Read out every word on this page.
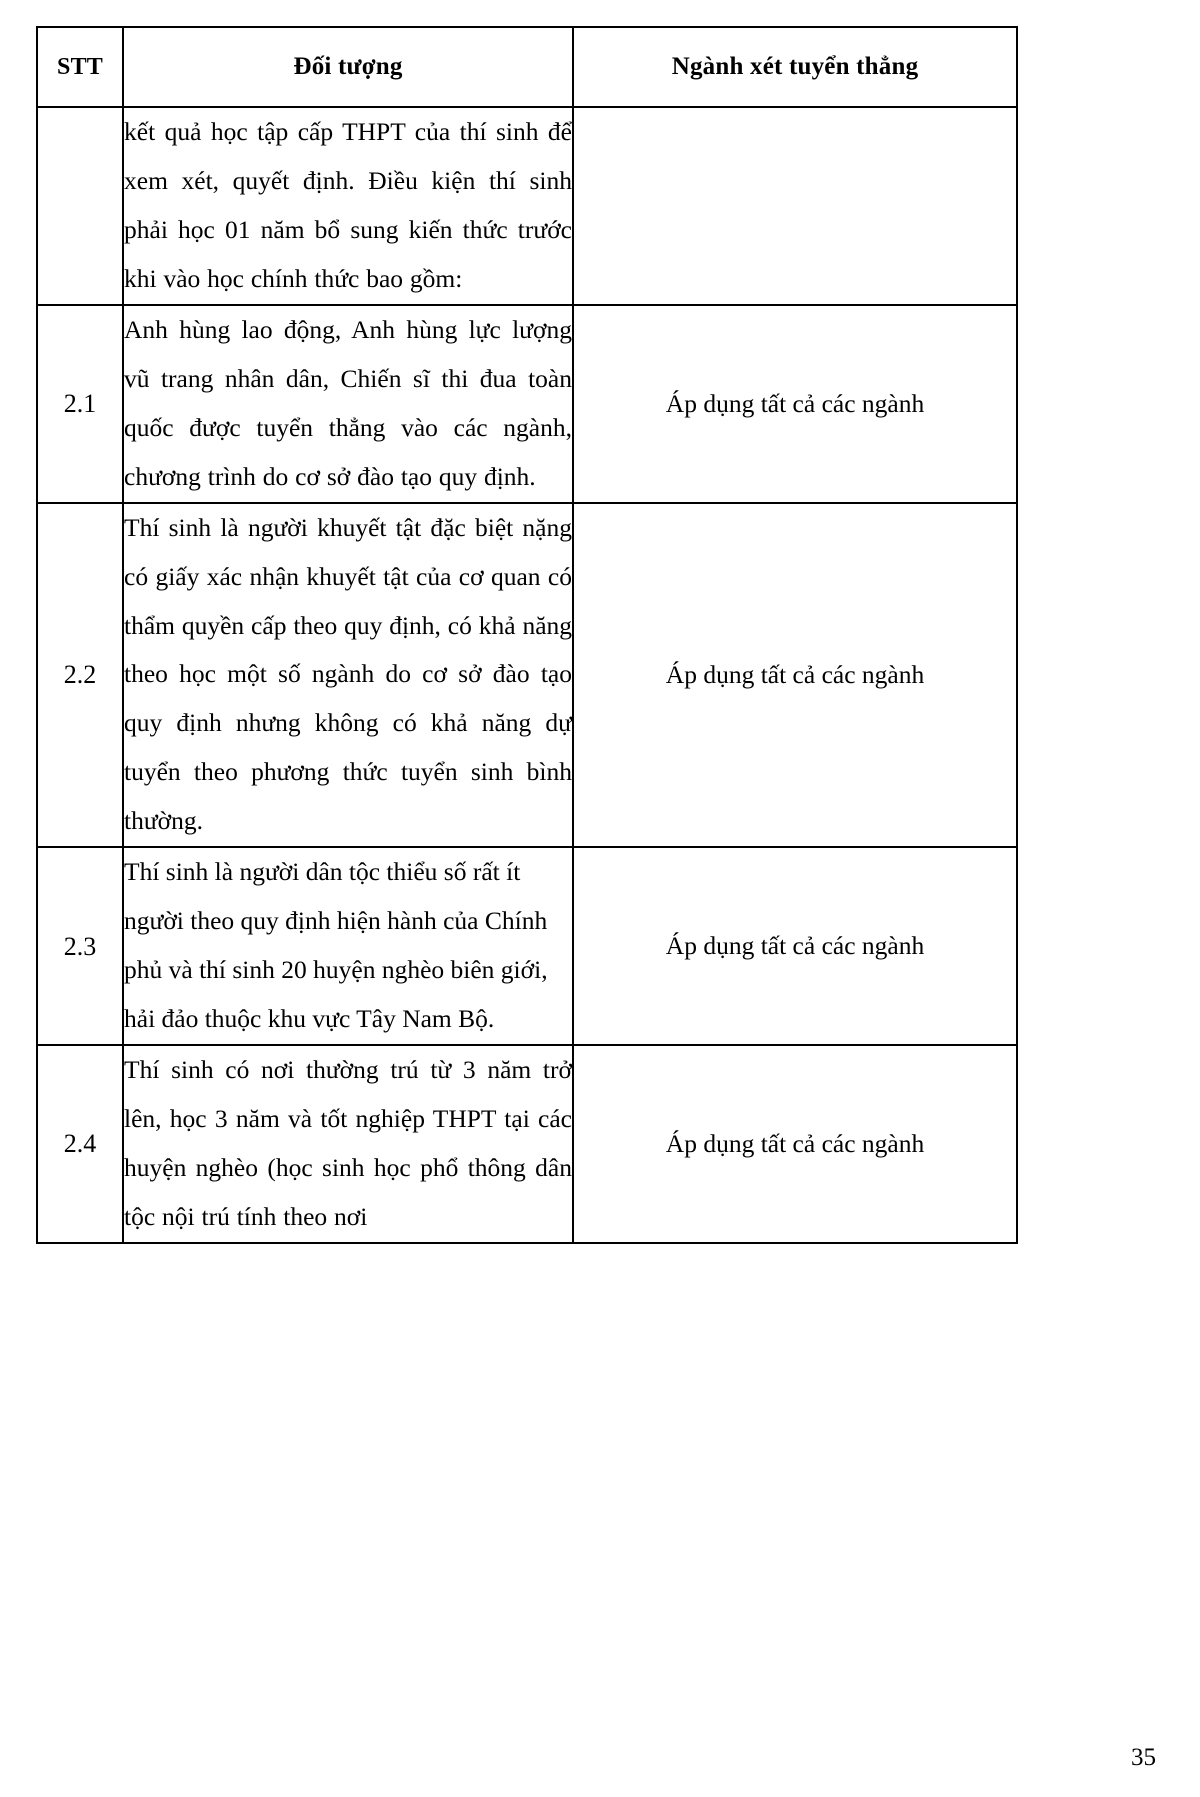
STT	Đối tượng	Ngành xét tuyển thẳng
	kết quả học tập cấp THPT của thí sinh để xem xét, quyết định. Điều kiện thí sinh phải học 01 năm bổ sung kiến thức trước khi vào học chính thức bao gồm:	
2.1	Anh hùng lao động, Anh hùng lực lượng vũ trang nhân dân, Chiến sĩ thi đua toàn quốc được tuyển thẳng vào các ngành, chương trình do cơ sở đào tạo quy định.	Áp dụng tất cả các ngành
2.2	Thí sinh là người khuyết tật đặc biệt nặng có giấy xác nhận khuyết tật của cơ quan có thẩm quyền cấp theo quy định, có khả năng theo học một số ngành do cơ sở đào tạo quy định nhưng không có khả năng dự tuyển theo phương thức tuyển sinh bình thường.	Áp dụng tất cả các ngành
2.3	Thí sinh là người dân tộc thiểu số rất ít người theo quy định hiện hành của Chính phủ và thí sinh 20 huyện nghèo biên giới, hải đảo thuộc khu vực Tây Nam Bộ.	Áp dụng tất cả các ngành
2.4	Thí sinh có nơi thường trú từ 3 năm trở lên, học 3 năm và tốt nghiệp THPT tại các huyện nghèo (học sinh học phổ thông dân tộc nội trú tính theo nơi	Áp dụng tất cả các ngành
35
